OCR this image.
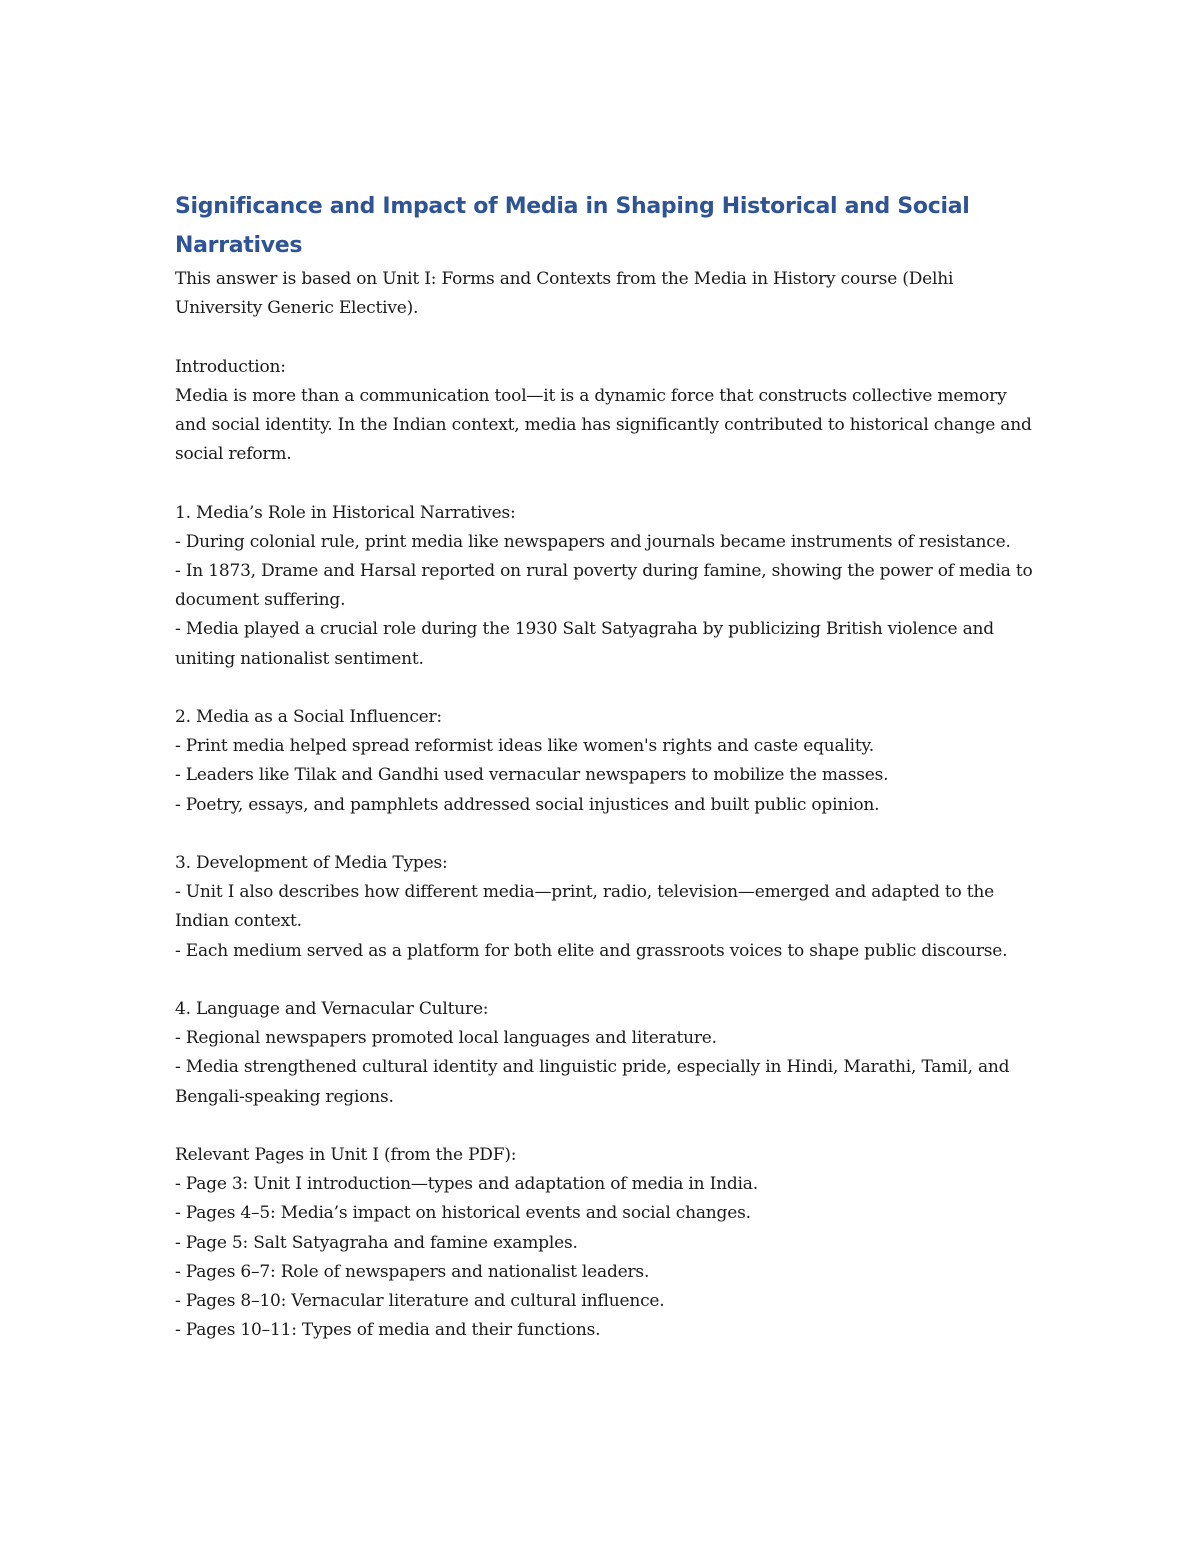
Significance and Impact of Media in Shaping Historical and Social Narratives

This answer is based on Unit I: Forms and Contexts from the Media in History course (Delhi University Generic Elective).

Introduction:
Media is more than a communication tool—it is a dynamic force that constructs collective memory and social identity. In the Indian context, media has significantly contributed to historical change and social reform.
1. Media’s Role in Historical Narratives:
- During colonial rule, print media like newspapers and journals became instruments of resistance.
- In 1873, Drame and Harsal reported on rural poverty during famine, showing the power of media to document suffering.
- Media played a crucial role during the 1930 Salt Satyagraha by publicizing British violence and uniting nationalist sentiment.
2. Media as a Social Influencer:
- Print media helped spread reformist ideas like women's rights and caste equality.
- Leaders like Tilak and Gandhi used vernacular newspapers to mobilize the masses.
- Poetry, essays, and pamphlets addressed social injustices and built public opinion.
3. Development of Media Types:
- Unit I also describes how different media—print, radio, television—emerged and adapted to the Indian context.
- Each medium served as a platform for both elite and grassroots voices to shape public discourse.
4. Language and Vernacular Culture:
- Regional newspapers promoted local languages and literature.
- Media strengthened cultural identity and linguistic pride, especially in Hindi, Marathi, Tamil, and Bengali-speaking regions.
Relevant Pages in Unit I (from the PDF):
- Page 3: Unit I introduction—types and adaptation of media in India.
- Pages 4–5: Media’s impact on historical events and social changes.
- Page 5: Salt Satyagraha and famine examples.
- Pages 6–7: Role of newspapers and nationalist leaders.
- Pages 8–10: Vernacular literature and cultural influence.
- Pages 10–11: Types of media and their functions.
